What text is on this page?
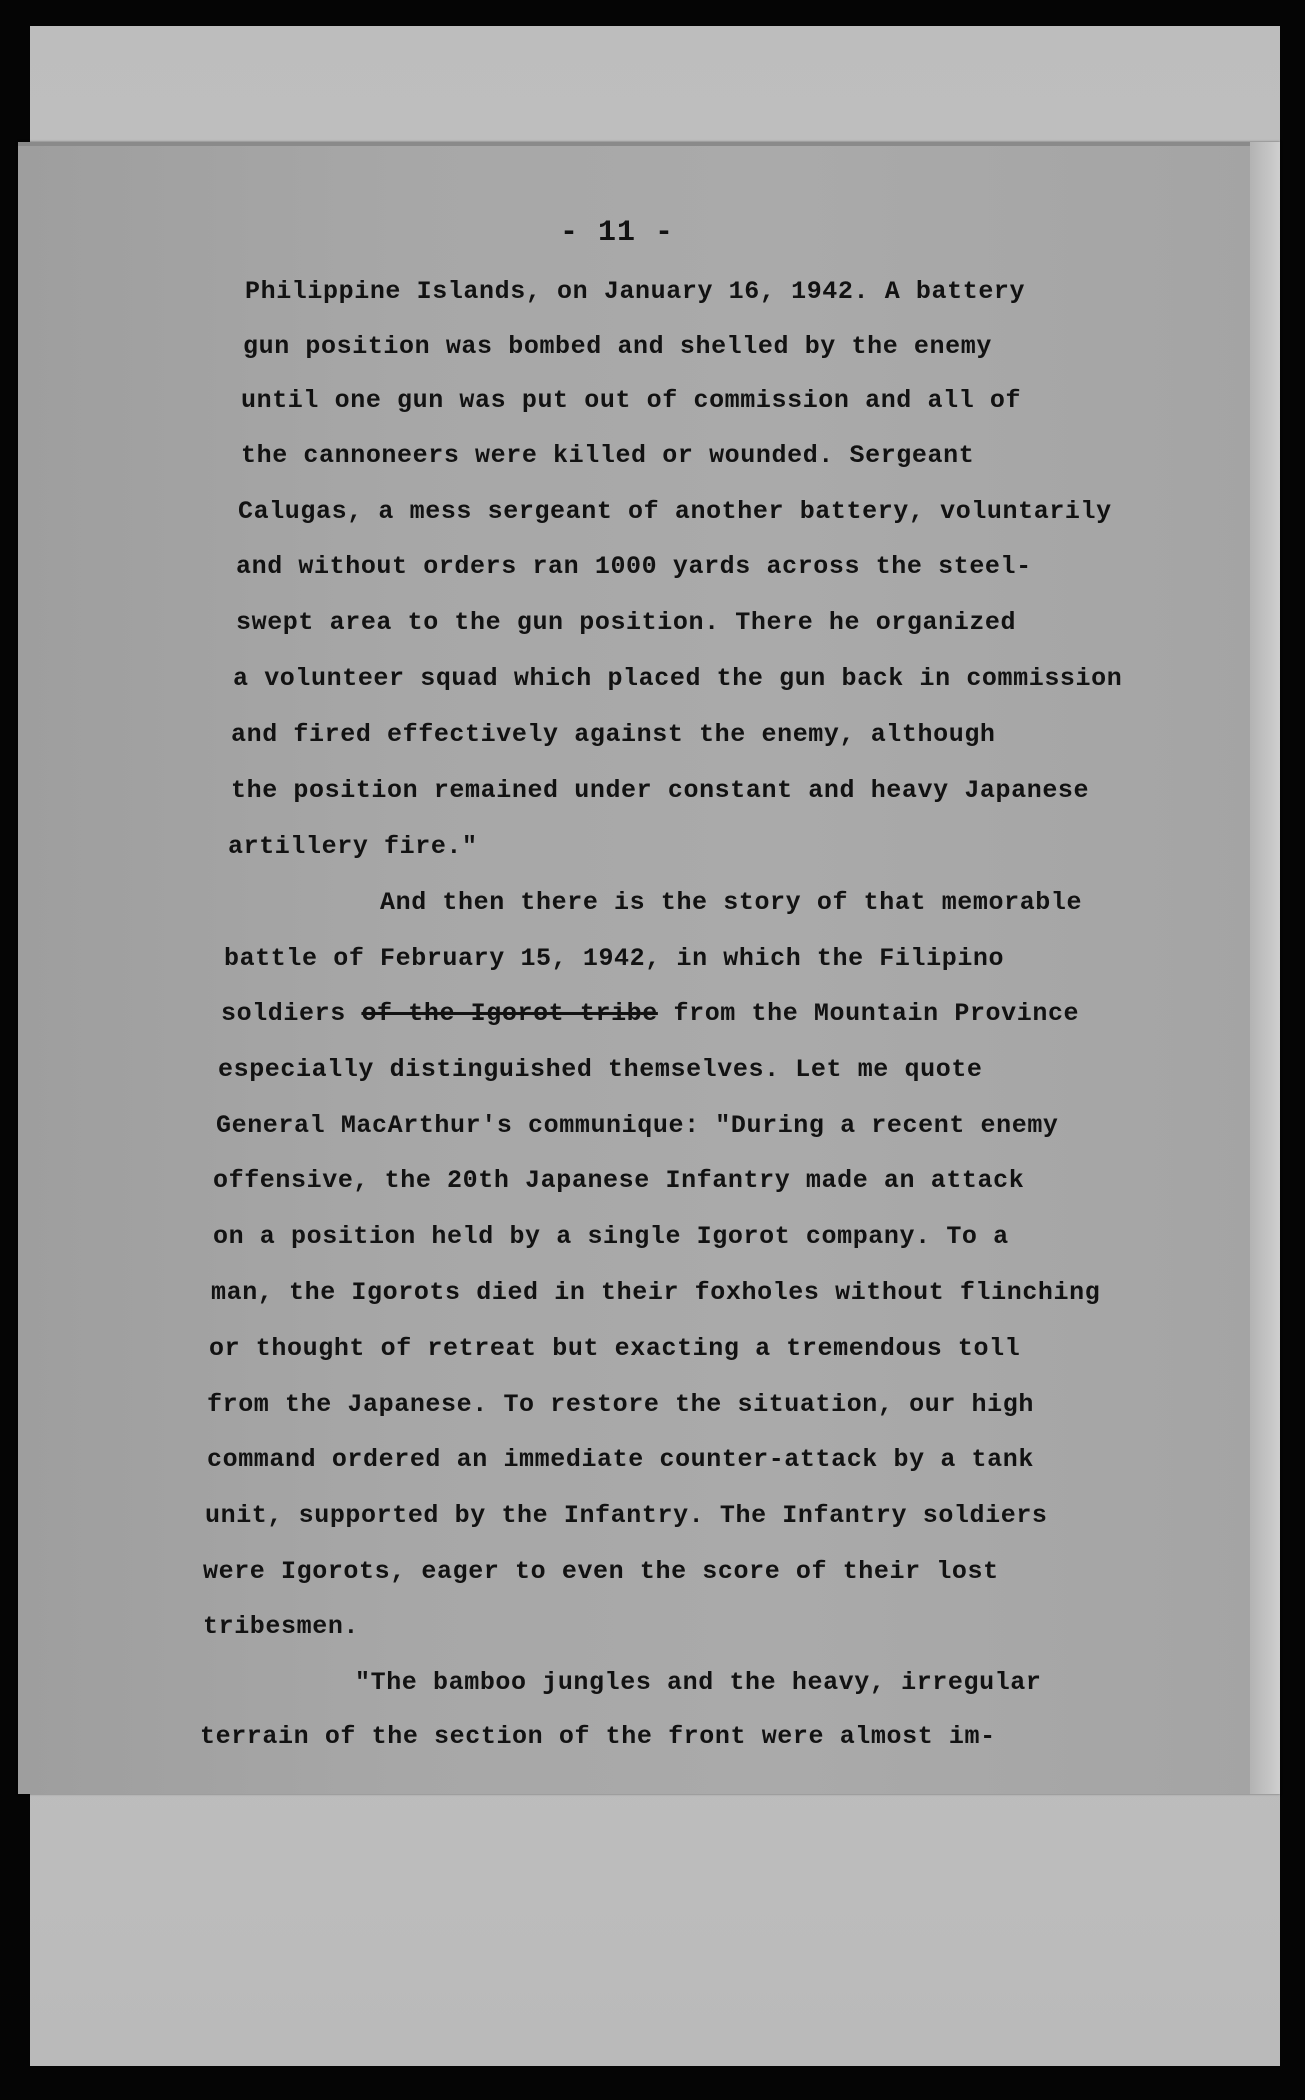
- 11 -
Philippine Islands, on January 16, 1942. A battery
gun position was bombed and shelled by the enemy
until one gun was put out of commission and all of
the cannoneers were killed or wounded. Sergeant
Calugas, a mess sergeant of another battery, voluntarily
and without orders ran 1000 yards across the steel-
swept area to the gun position. There he organized
a volunteer squad which placed the gun back in commission
and fired effectively against the enemy, although
the position remained under constant and heavy Japanese
artillery fire."
And then there is the story of that memorable
battle of February 15, 1942, in which the Filipino
soldiers of the Igorot tribe from the Mountain Province
especially distinguished themselves. Let me quote
General MacArthur's communique: "During a recent enemy
offensive, the 20th Japanese Infantry made an attack
on a position held by a single Igorot company. To a
man, the Igorots died in their foxholes without flinching
or thought of retreat but exacting a tremendous toll
from the Japanese. To restore the situation, our high
command ordered an immediate counter-attack by a tank
unit, supported by the Infantry. The Infantry soldiers
were Igorots, eager to even the score of their lost
tribesmen.
"The bamboo jungles and the heavy, irregular
terrain of the section of the front were almost im-
